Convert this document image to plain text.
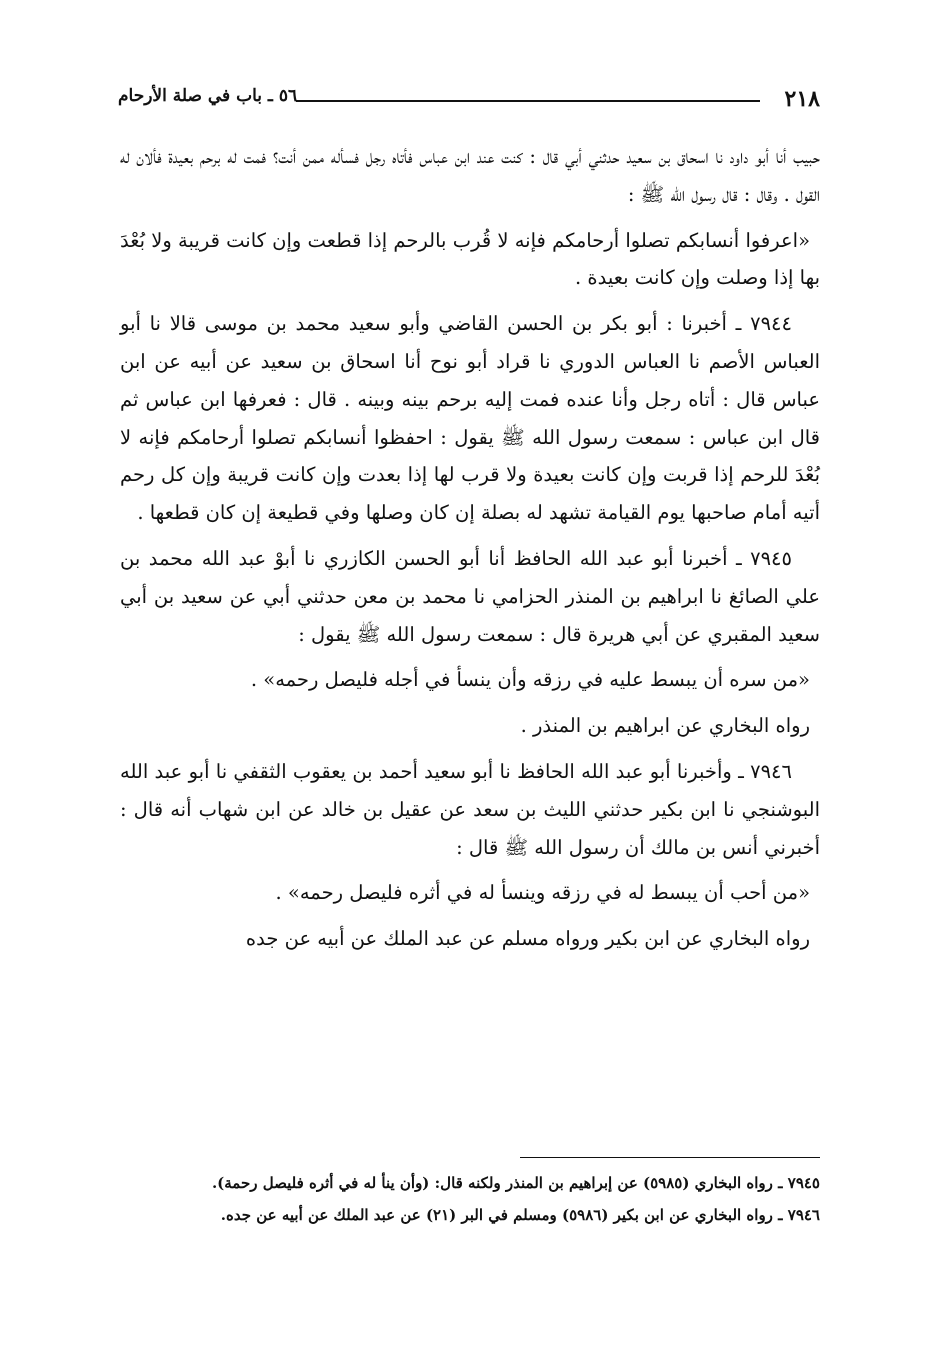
٢١٨
٥٦ ـ باب في صلة الأرحام

حبيب أنا أبو داود نا اسحاق بن سعيد حدثني أبي قال : كنت عند ابن عباس فأتاه رجل فسأله ممن أنت؟ فمت له برحم بعيدة فألان له القول . وقال : قال رسول الله ﷺ :

«اعرفوا أنسابكم تصلوا أرحامكم فإنه لا قُرب بالرحم إذا قطعت وإن كانت قريبة ولا بُعْدَ بها إذا وصلت وإن كانت بعيدة .

٧٩٤٤ ـ أخبرنا : أبو بكر بن الحسن القاضي وأبو سعيد محمد بن موسى قالا نا أبو العباس الأصم نا العباس الدوري نا قراد أبو نوح أنا اسحاق بن سعيد عن أبيه عن ابن عباس قال : أتاه رجل وأنا عنده فمت إليه برحم بينه وبينه . قال : فعرفها ابن عباس ثم قال ابن عباس : سمعت رسول الله ﷺ يقول : احفظوا أنسابكم تصلوا أرحامكم فإنه لا بُعْدَ للرحم إذا قربت وإن كانت بعيدة ولا قرب لها إذا بعدت وإن كانت قريبة وإن كل رحم أتيه أمام صاحبها يوم القيامة تشهد له بصلة إن كان وصلها وفي قطيعة إن كان قطعها .

٧٩٤٥ ـ أخبرنا أبو عبد الله الحافظ أنا أبو الحسن الكازري نا أبوْ عبد الله محمد بن علي الصائغ نا ابراهيم بن المنذر الحزامي نا محمد بن معن حدثني أبي عن سعيد بن أبي سعيد المقبري عن أبي هريرة قال : سمعت رسول الله ﷺ يقول :

«من سره أن يبسط عليه في رزقه وأن ينسأ في أجله فليصل رحمه» .

رواه البخاري عن ابراهيم بن المنذر .

٧٩٤٦ ـ وأخبرنا أبو عبد الله الحافظ نا أبو سعيد أحمد بن يعقوب الثقفي نا أبو عبد الله البوشنجي نا ابن بكير حدثني الليث بن سعد عن عقيل بن خالد عن ابن شهاب أنه قال : أخبرني أنس بن مالك أن رسول الله ﷺ قال :

«من أحب أن يبسط له في رزقه وينسأ له في أثره فليصل رحمه» .

رواه البخاري عن ابن بكير ورواه مسلم عن عبد الملك عن أبيه عن جده

٧٩٤٥ ـ رواه البخاري (٥٩٨٥) عن إبراهيم بن المنذر ولكنه قال: (وأن ينأ له في أثره فليصل رحمة).

٧٩٤٦ ـ رواه البخاري عن ابن بكير (٥٩٨٦) ومسلم في البر (٢١) عن عبد الملك عن أبيه عن جده.
